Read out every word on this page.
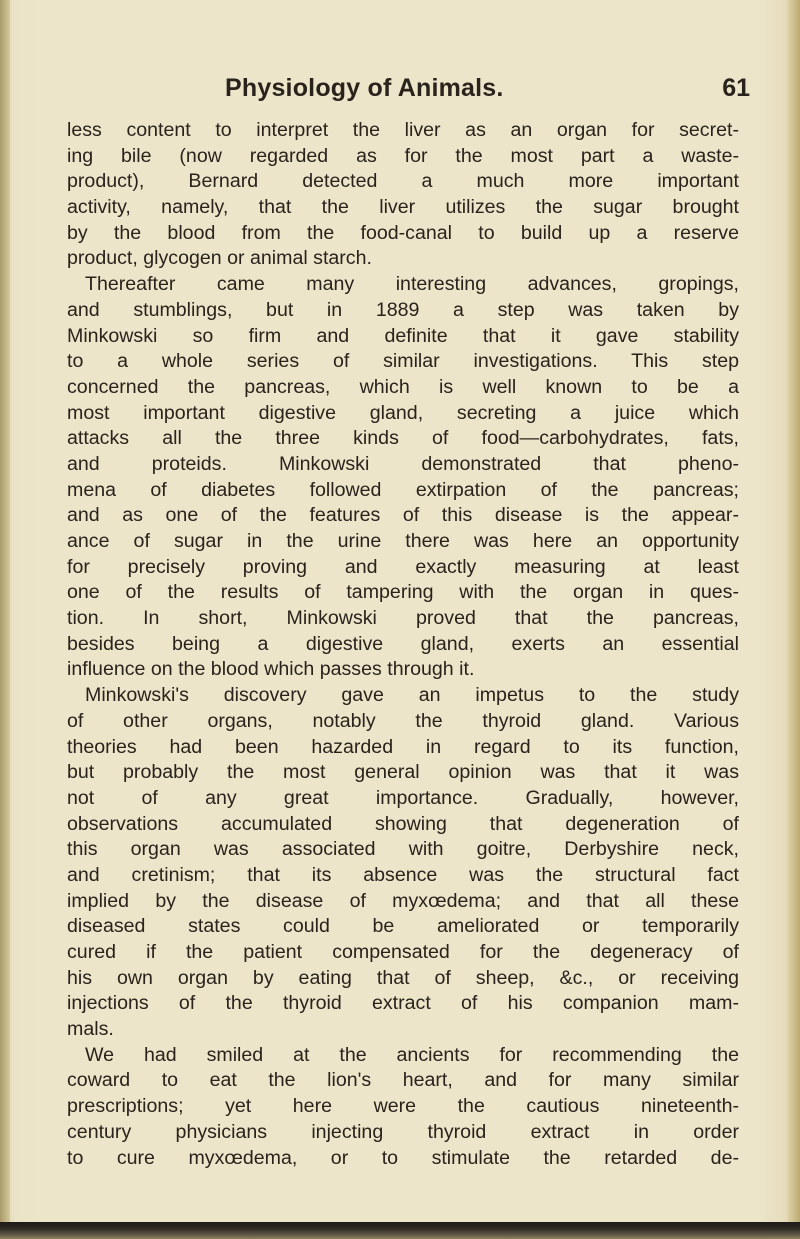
Physiology of Animals.	61
less content to interpret the liver as an organ for secret-
ing bile (now regarded as for the most part a waste-
product), Bernard detected a much more important
activity, namely, that the liver utilizes the sugar brought
by the blood from the food-canal to build up a reserve
product, glycogen or animal starch.
Thereafter came many interesting advances, gropings,
and stumblings, but in 1889 a step was taken by
Minkowski so firm and definite that it gave stability
to a whole series of similar investigations. This step
concerned the pancreas, which is well known to be a
most important digestive gland, secreting a juice which
attacks all the three kinds of food—carbohydrates, fats,
and proteids. Minkowski demonstrated that pheno-
mena of diabetes followed extirpation of the pancreas;
and as one of the features of this disease is the appear-
ance of sugar in the urine there was here an opportunity
for precisely proving and exactly measuring at least
one of the results of tampering with the organ in ques-
tion. In short, Minkowski proved that the pancreas,
besides being a digestive gland, exerts an essential
influence on the blood which passes through it.
Minkowski's discovery gave an impetus to the study
of other organs, notably the thyroid gland. Various
theories had been hazarded in regard to its function,
but probably the most general opinion was that it was
not of any great importance. Gradually, however,
observations accumulated showing that degeneration of
this organ was associated with goitre, Derbyshire neck,
and cretinism; that its absence was the structural fact
implied by the disease of myxœdema; and that all these
diseased states could be ameliorated or temporarily
cured if the patient compensated for the degeneracy of
his own organ by eating that of sheep, &c., or receiving
injections of the thyroid extract of his companion mam-
mals.
We had smiled at the ancients for recommending the
coward to eat the lion's heart, and for many similar
prescriptions; yet here were the cautious nineteenth-
century physicians injecting thyroid extract in order
to cure myxœdema, or to stimulate the retarded de-
